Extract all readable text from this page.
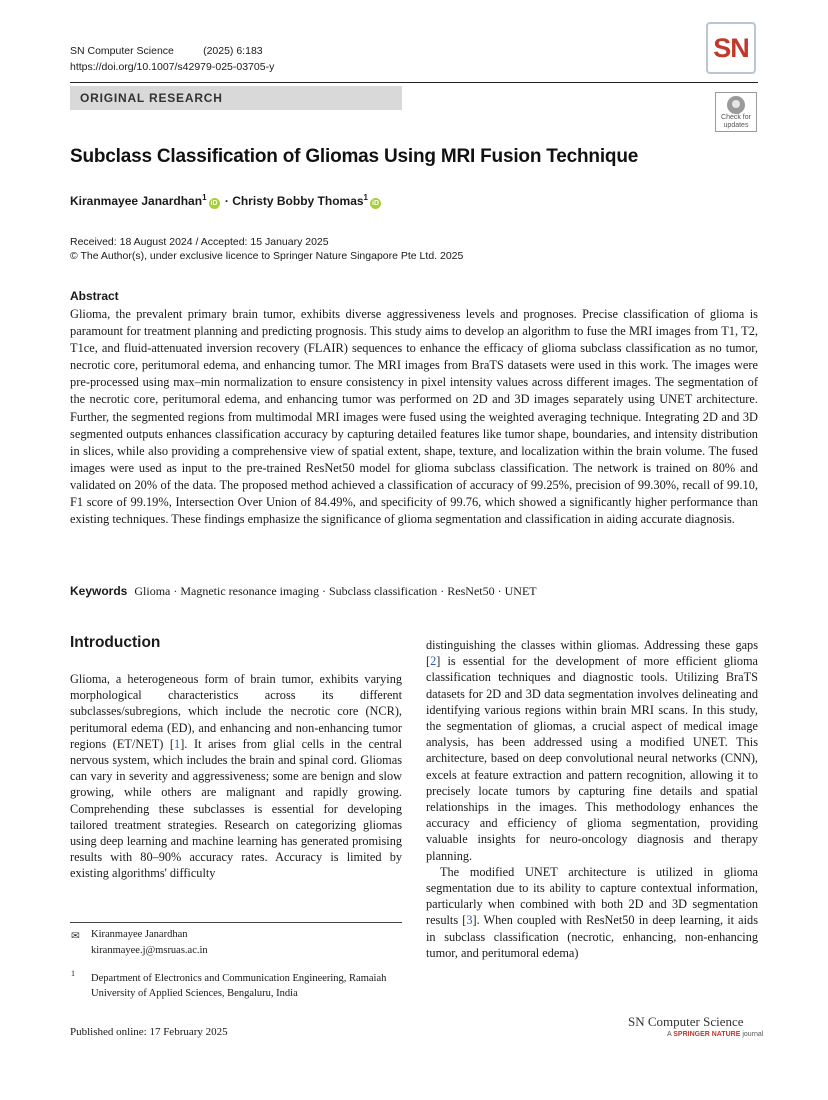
SN Computer Science	(2025) 6:183
https://doi.org/10.1007/s42979-025-03705-y
SN
ORIGINAL RESEARCH
Check for
updates
Subclass Classification of Gliomas Using MRI Fusion Technique
Kiranmayee Janardhan$^1$iD · Christy Bobby Thomas$^1$iD
Received: 18 August 2024 / Accepted: 15 January 2025
© The Author(s), under exclusive licence to Springer Nature Singapore Pte Ltd. 2025
Abstract

Glioma, the prevalent primary brain tumor, exhibits diverse aggressiveness levels and prognoses. Precise classification of glioma is paramount for treatment planning and predicting prognosis. This study aims to develop an algorithm to fuse the MRI images from T1, T2, T1ce, and fluid-attenuated inversion recovery (FLAIR) sequences to enhance the efficacy of glioma subclass classification as no tumor, necrotic core, peritumoral edema, and enhancing tumor. The MRI images from BraTS datasets were used in this work. The images were pre-processed using max–min normalization to ensure consistency in pixel intensity values across different images. The segmentation of the necrotic core, peritumoral edema, and enhancing tumor was performed on 2D and 3D images separately using UNET architecture. Further, the segmented regions from multimodal MRI images were fused using the weighted averaging technique. Integrating 2D and 3D segmented outputs enhances classification accuracy by capturing detailed features like tumor shape, boundaries, and intensity distribution in slices, while also providing a comprehensive view of spatial extent, shape, texture, and localization within the brain volume. The fused images were used as input to the pre-trained ResNet50 model for glioma subclass classification. The network is trained on 80% and validated on 20% of the data. The proposed method achieved a classification of accuracy of 99.25%, precision of 99.30%, recall of 99.10, F1 score of 99.19%, Intersection Over Union of 84.49%, and specificity of 99.76, which showed a significantly higher performance than existing techniques. These findings emphasize the significance of glioma segmentation and classification in aiding accurate diagnosis.

Keywords Glioma · Magnetic resonance imaging · Subclass classification · ResNet50 · UNET
Introduction

Glioma, a heterogeneous form of brain tumor, exhibits varying morphological characteristics across its different subclasses/subregions, which include the necrotic core (NCR), peritumoral edema (ED), and enhancing and non-enhancing tumor regions (ET/NET) [1]. It arises from glial cells in the central nervous system, which includes the brain and spinal cord. Gliomas can vary in severity and aggressiveness; some are benign and slow growing, while others are malignant and rapidly growing. Comprehending these subclasses is essential for developing tailored treatment strategies. Research on categorizing gliomas using deep learning and machine learning has generated promising results with 80–90% accuracy rates. Accuracy is limited by existing algorithms' difficulty

distinguishing the classes within gliomas. Addressing these gaps [2] is essential for the development of more efficient glioma classification techniques and diagnostic tools. Utilizing BraTS datasets for 2D and 3D data segmentation involves delineating and identifying various regions within brain MRI scans. In this study, the segmentation of gliomas, a crucial aspect of medical image analysis, has been addressed using a modified UNET. This architecture, based on deep convolutional neural networks (CNN), excels at feature extraction and pattern recognition, allowing it to precisely locate tumors by capturing fine details and spatial relationships in the images. This methodology enhances the accuracy and efficiency of glioma segmentation, providing valuable insights for neuro-oncology diagnosis and therapy planning.

The modified UNET architecture is utilized in glioma segmentation due to its ability to capture contextual information, particularly when combined with both 2D and 3D segmentation results [3]. When coupled with ResNet50 in deep learning, it aids in subclass classification (necrotic, enhancing, non-enhancing tumor, and peritumoral edema)

✉ Kiranmayee Janardhan
kiranmayee.j@msruas.ac.in
1 Department of Electronics and Communication Engineering, Ramaiah University of Applied Sciences, Bengaluru, India

Published online: 17 February 2025
SN Computer Science
A SPRINGER NATURE journal
